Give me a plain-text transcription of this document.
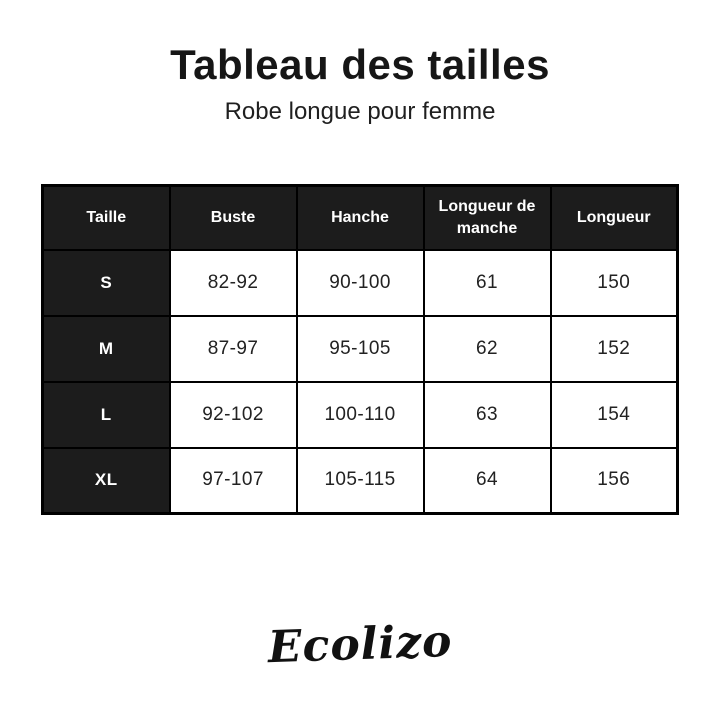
Tableau des tailles

Robe longue pour femme

Taille	Buste	Hanche	Longueur de manche	Longueur
S	82-92	90-100	61	150
M	87-97	95-105	62	152
L	92-102	100-110	63	154
XL	97-107	105-115	64	156
Ecolizo
